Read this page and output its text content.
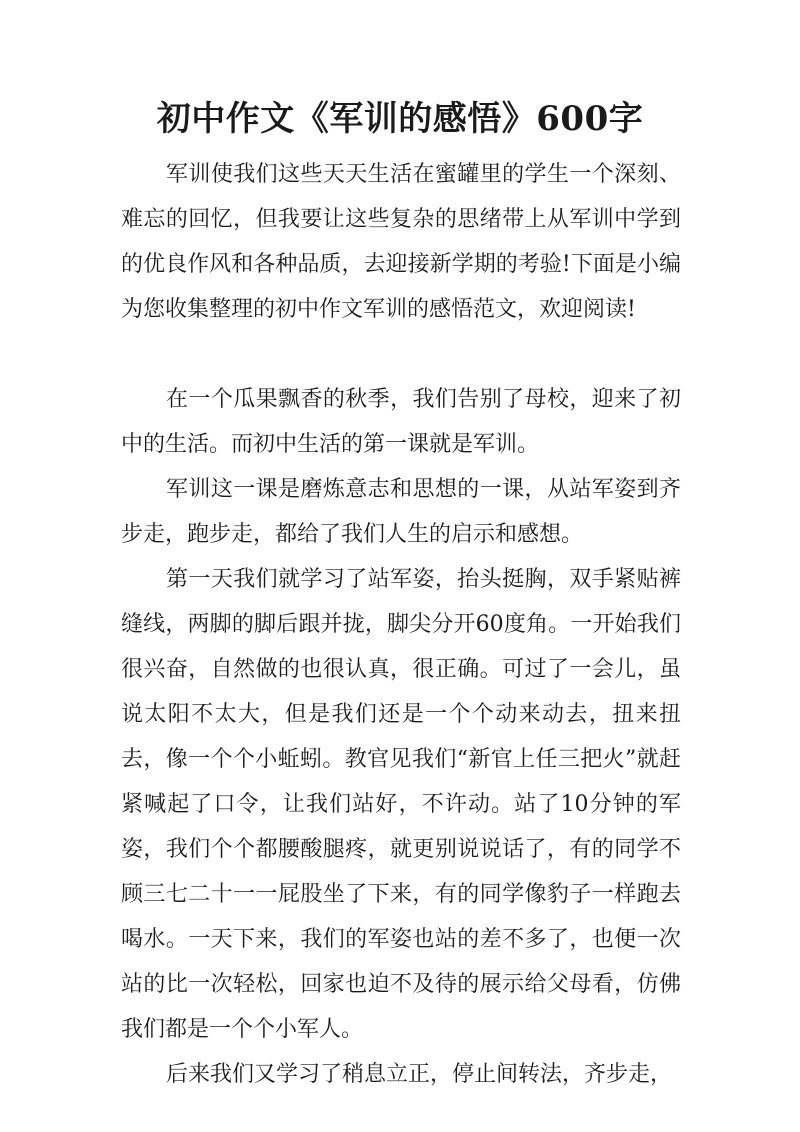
初中作文《军训的感悟》600字

军训使我们这些天天生活在蜜罐里的学生一个深刻、难忘的回忆，但我要让这些复杂的思绪带上从军训中学到的优良作风和各种品质，去迎接新学期的考验!下面是小编为您收集整理的初中作文军训的感悟范文，欢迎阅读!

在一个瓜果飘香的秋季，我们告别了母校，迎来了初中的生活。而初中生活的第一课就是军训。

军训这一课是磨炼意志和思想的一课，从站军姿到齐步走，跑步走，都给了我们人生的启示和感想。

第一天我们就学习了站军姿，抬头挺胸，双手紧贴裤缝线，两脚的脚后跟并拢，脚尖分开60度角。一开始我们很兴奋，自然做的也很认真，很正确。可过了一会儿，虽说太阳不太大，但是我们还是一个个动来动去，扭来扭去，像一个个小蚯蚓。教官见我们“新官上任三把火”就赶紧喊起了口令，让我们站好，不许动。站了10分钟的军姿，我们个个都腰酸腿疼，就更别说说话了，有的同学不顾三七二十一一屁股坐了下来，有的同学像豹子一样跑去喝水。一天下来，我们的军姿也站的差不多了，也便一次站的比一次轻松，回家也迫不及待的展示给父母看，仿佛我们都是一个个小军人。

后来我们又学习了稍息立正，停止间转法，齐步走，
